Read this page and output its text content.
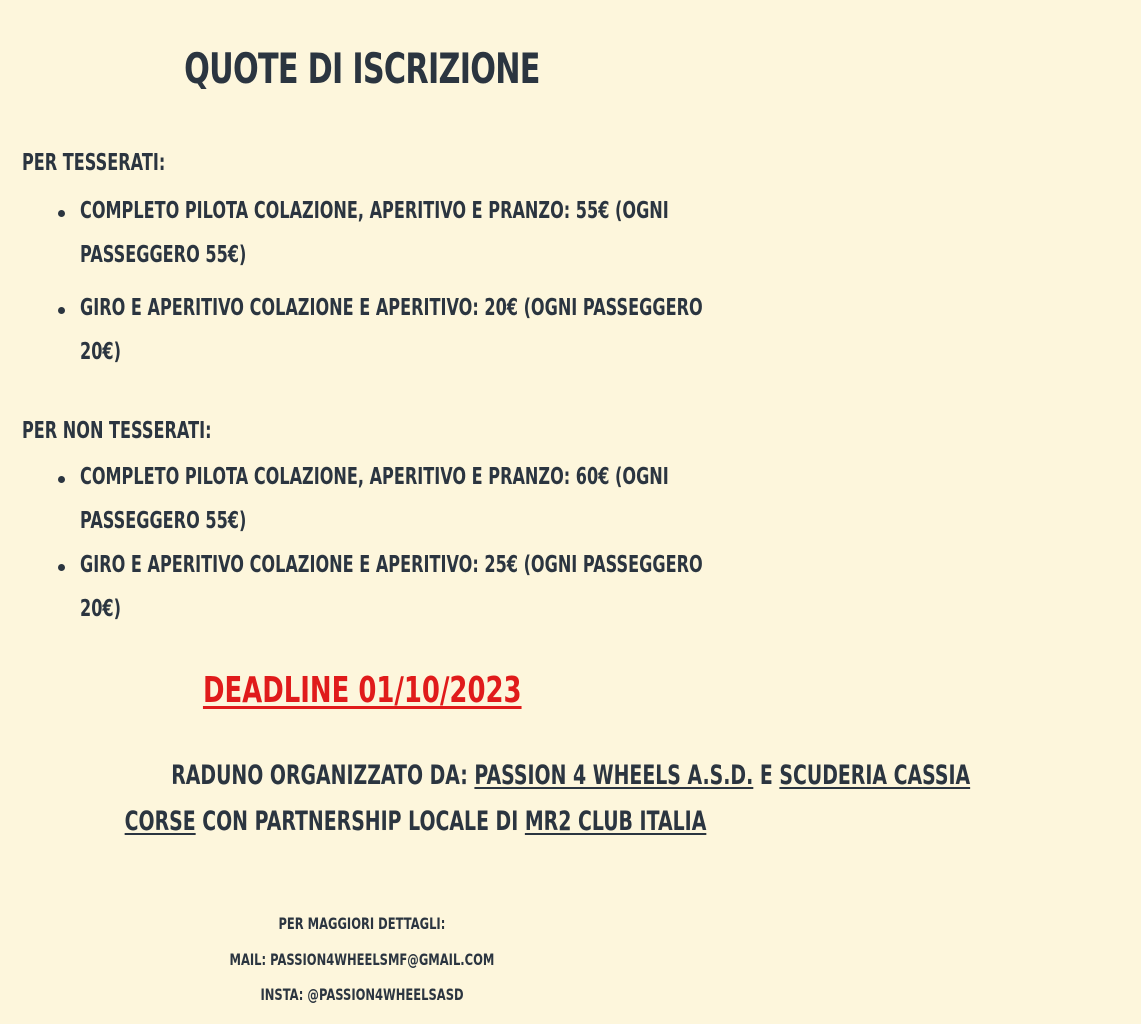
QUOTE DI ISCRIZIONE
PER TESSERATI:
COMPLETO PILOTA COLAZIONE, APERITIVO E PRANZO: 55€ (OGNI
PASSEGGERO 55€)
GIRO E APERITIVO COLAZIONE E APERITIVO: 20€ (OGNI PASSEGGERO
20€)
PER NON TESSERATI:
COMPLETO PILOTA COLAZIONE, APERITIVO E PRANZO: 60€ (OGNI
PASSEGGERO 55€)
GIRO E APERITIVO COLAZIONE E APERITIVO: 25€ (OGNI PASSEGGERO
20€)
DEADLINE 01/10/2023
RADUNO ORGANIZZATO DA: PASSION 4 WHEELS A.S.D. E SCUDERIA CASSIA
CORSE CON PARTNERSHIP LOCALE DI MR2 CLUB ITALIA
PER MAGGIORI DETTAGLI:
MAIL: PASSION4WHEELSMF@GMAIL.COM
INSTA: @PASSION4WHEELSASD
